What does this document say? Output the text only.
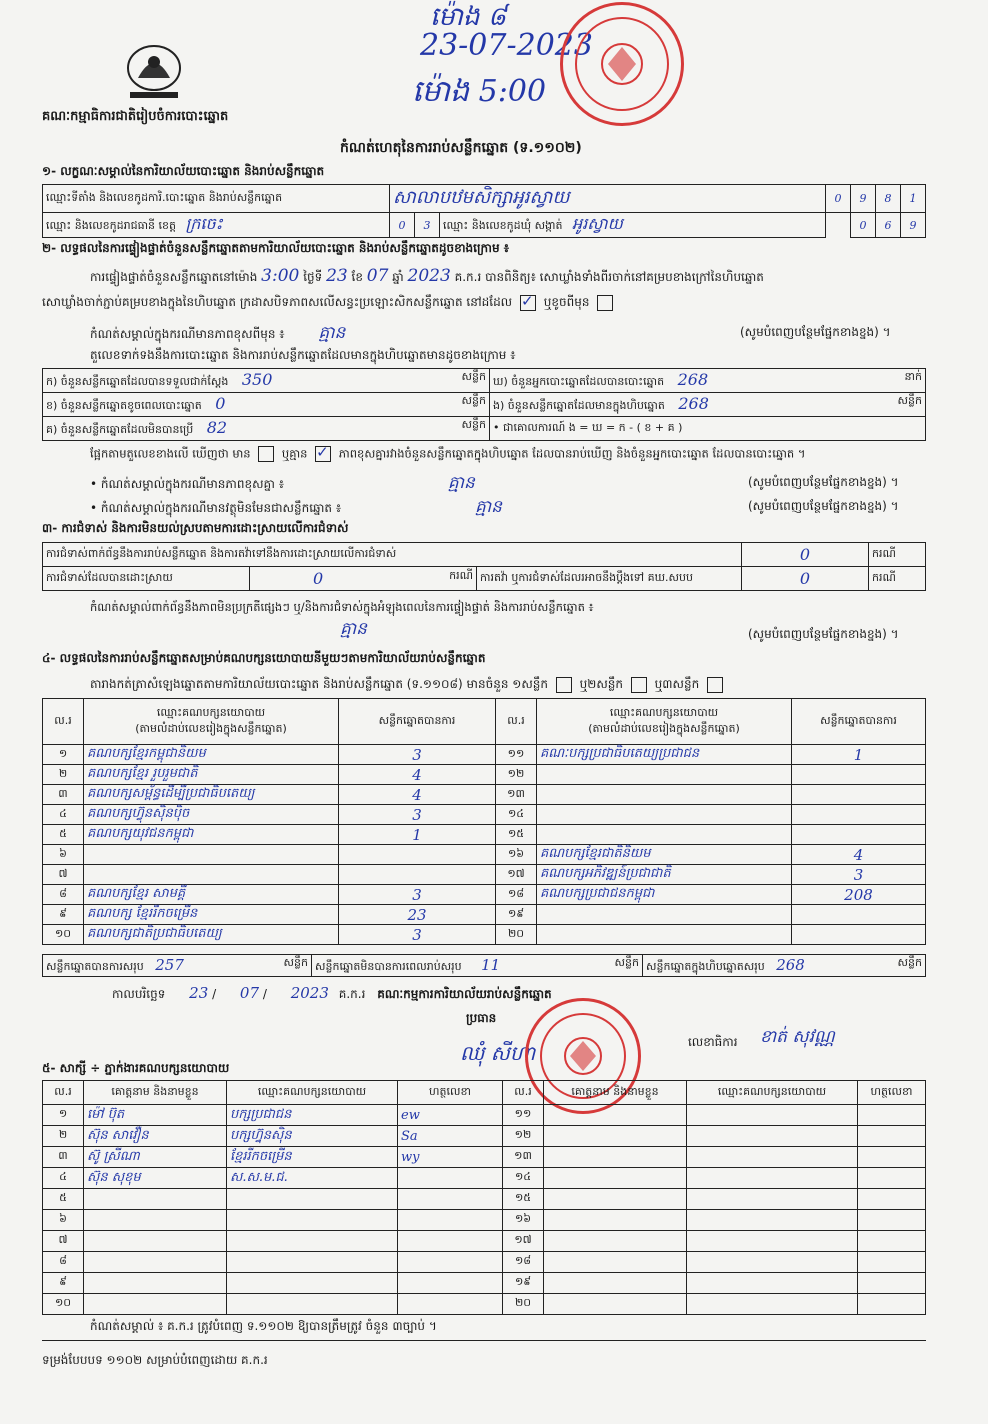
ម៉ោង ៨
23-07-2023
ម៉ោង 5:00
គណៈកម្មាធិការជាតិរៀបចំការបោះឆ្នោត
កំណត់ហេតុនៃការរាប់សន្លឹកឆ្នោត (ទ.១១០២)
១- លក្ខណៈសម្គាល់នៃការិយាល័យបោះឆ្នោត និងរាប់សន្លឹកឆ្នោត
ឈ្មោះទីតាំង និងលេខកូដការិ.បោះឆ្នោត និងរាប់សន្លឹកឆ្នោត	សាលាបឋមសិក្សាអូរស្វាយ			0	9	8	1
ឈ្មោះ និងលេខកូដរាជធានី ខេត្ត ក្រចេះ	0	3	ឈ្មោះ និងលេខកូដឃុំ សង្កាត់ អូរស្វាយ		0	6	9
២- លទ្ធផលនៃការផ្ទៀងផ្ទាត់ចំនួនសន្លឹកឆ្នោតតាមការិយាល័យបោះឆ្នោត និងរាប់សន្លឹកឆ្នោតដូចខាងក្រោម ៖
ការផ្ទៀងផ្ទាត់ចំនួនសន្លឹកឆ្នោតនៅម៉ោង 3:00 ថ្ងៃទី 23 ខែ 07 ឆ្នាំ 2023 គ.ក.រ បានពិនិត្យ៖ សោឃ្លាំងទាំងពីរចាក់នៅគម្របខាងក្រៅនៃហិបឆ្នោត
សោឃ្លាំងចាក់ភ្ជាប់គម្របខាងក្នុងនៃហិបឆ្នោត ក្រដាសបិទភាពសលើសន្ធះប្រឡោះសិកសន្លឹកឆ្នោត នៅដដែល ✓	ឬខូចពីមុន
កំណត់សម្គាល់ក្នុងករណីមានភាពខុសពីមុន ៖ គ្មាន	(សូមបំពេញបន្ថែមផ្នែកខាងខ្នង) ។
តួលេខទាក់ទងនឹងការបោះឆ្នោត និងការរាប់សន្លឹកឆ្នោតដែលមានក្នុងហិបឆ្នោតមានដូចខាងក្រោម ៖
ក) ចំនួនសន្លឹកឆ្នោតដែលបានទទួលជាក់ស្តែង 350 សន្លឹក	ឃ) ចំនួនអ្នកបោះឆ្នោតដែលបានបោះឆ្នោត 268 នាក់

ខ) ចំនួនសន្លឹកឆ្នោតខូចពេលបោះឆ្នោត 0 សន្លឹក	ង) ចំនួនសន្លឹកឆ្នោតដែលមានក្នុងហិបឆ្នោត 268 សន្លឹក

គ) ចំនួនសន្លឹកឆ្នោតដែលមិនបានប្រើ 82 សន្លឹក	• ជាគោលការណ៍ ង = ឃ = ក - ( ខ + គ )
ផ្អែកតាមតួលេខខាងលើ ឃើញថា មាន	ឬគ្មាន ✓	ភាពខុសគ្នារវាងចំនួនសន្លឹកឆ្នោតក្នុងហិបឆ្នោត ដែលបានរាប់ឃើញ និងចំនួនអ្នកបោះឆ្នោត ដែលបានបោះឆ្នោត ។
• កំណត់សម្គាល់ក្នុងករណីមានភាពខុសគ្នា ៖	គ្មាន	(សូមបំពេញបន្ថែមផ្នែកខាងខ្នង) ។
• កំណត់សម្គាល់ក្នុងករណីមានវត្ថុមិនមែនជាសន្លឹកឆ្នោត ៖	គ្មាន	(សូមបំពេញបន្ថែមផ្នែកខាងខ្នង) ។
៣- ការជំទាស់ និងការមិនយល់ស្របតាមការដោះស្រាយលើការជំទាស់
ការជំទាស់ពាក់ព័ន្ធនឹងការរាប់សន្លឹកឆ្នោត និងការតវ៉ាទៅនឹងការដោះស្រាយលើការជំទាស់			0	ករណី
ការជំទាស់ដែលបានដោះស្រាយ	0 ករណី	ការតវ៉ា ឬការជំទាស់ដែលរអាចនឹងប្ដឹងទៅ គឃ.សបប	0	ករណី
កំណត់សម្គាល់ពាក់ព័ន្ធនឹងភាពមិនប្រក្រតីផ្សេងៗ ឬ/និងការជំទាស់ក្នុងអំឡុងពេលនៃការផ្ទៀងផ្ទាត់ និងការរាប់សន្លឹកឆ្នោត ៖
គ្មាន	(សូមបំពេញបន្ថែមផ្នែកខាងខ្នង) ។
៤- លទ្ធផលនៃការរាប់សន្លឹកឆ្នោតសម្រាប់គណបក្សនយោបាយនីមួយៗតាមការិយាល័យរាប់សន្លឹកឆ្នោត
តារាងកត់ត្រាសំឡេងឆ្នោតតាមការិយាល័យបោះឆ្នោត និងរាប់សន្លឹកឆ្នោត (ទ.១១០៨) មានចំនួន ១សន្លឹក	ឬ២សន្លឹក	ឬ៣សន្លឹក
ល.រ	ឈ្មោះគណបក្សនយោបាយ
(តាមលំដាប់លេខរៀងក្នុងសន្លឹកឆ្នោត)	សន្លឹកឆ្នោតបានការ	ល.រ	ឈ្មោះគណបក្សនយោបាយ
(តាមលំដាប់លេខរៀងក្នុងសន្លឹកឆ្នោត)	សន្លឹកឆ្នោតបានការ
១	គណបក្សខ្មែរកម្ពុជានិយម	3	១១	គណៈបក្សប្រជាធិបតេយ្យប្រជាជន	1
២	គណបក្សខ្មែរ រួបរួមជាតិ	4	១២		
៣	គណបក្សសម្ព័ន្ធដើម្បីប្រជាធិបតេយ្យ	4	១៣		
៤	គណបក្សហ៊្វុនស៊ិនប៉ិច	3	១៤		
៥	គណបក្សយុវជនកម្ពុជា	1	១៥		
៦			១៦	គណបក្សខ្មែរជាតិនិយម	4
៧			១៧	គណបក្សអភិវឌ្ឍន៍ប្រជាជាតិ	3
៨	គណបក្សខ្មែរ សាមគ្គី	3	១៨	គណបក្សប្រជាជនកម្ពុជា	208
៩	គណបក្ស ខ្មែររីកចម្រើន	23	១៩		
១០	គណបក្សជាតិប្រជាធិបតេយ្យ	3	២០		
សន្លឹកឆ្នោតបានការសរុប 257	សន្លឹក	សន្លឹកឆ្នោតមិនបានការពេលរាប់សរុប 11	សន្លឹក	សន្លឹកឆ្នោតក្នុងហិបឆ្នោតសរុប 268	សន្លឹក
កាលបរិច្ឆេទ 23 / 07 / 2023 គ.ក.រ គណៈកម្មការការិយាល័យរាប់សន្លឹកឆ្នោត
ប្រធាន
លេខាធិការ ខាត់ សុវណ្ណ
ឈុំ សីហា
៥- សាក្សី ÷ ភ្នាក់ងារគណបក្សនយោបាយ
ល.រ	គោត្តនាម និងនាមខ្លួន	ឈ្មោះគណបក្សនយោបាយ	ហត្ថលេខា	ល.រ	គោត្តនាម និងនាមខ្លួន	ឈ្មោះគណបក្សនយោបាយ	ហត្ថលេខា
១	ម៉ៅ ប៊ុត	បក្សប្រជាជន	ew	១១			
២	ស៊ុន សាវឿន	បក្សហ្វ៊ុនស៊ិន	Sa	១២			
៣	ស៊ូ ស្រីណា	ខ្មែររីកចម្រើន	wy	១៣			
៤	ស៊ុន សុខុម	ស.ស.ម.ជ.		១៤			
៥				១៥			
៦				១៦			
៧				១៧			
៨				១៨			
៩				១៩			
១០				២០			
កំណត់សម្គាល់ ៖ គ.ក.រ ត្រូវបំពេញ ទ.១១០២ ឱ្យបានត្រឹមត្រូវ ចំនួន ៣ច្បាប់ ។
ទម្រង់បែបបទ ១១០២ សម្រាប់បំពេញដោយ គ.ក.រ
